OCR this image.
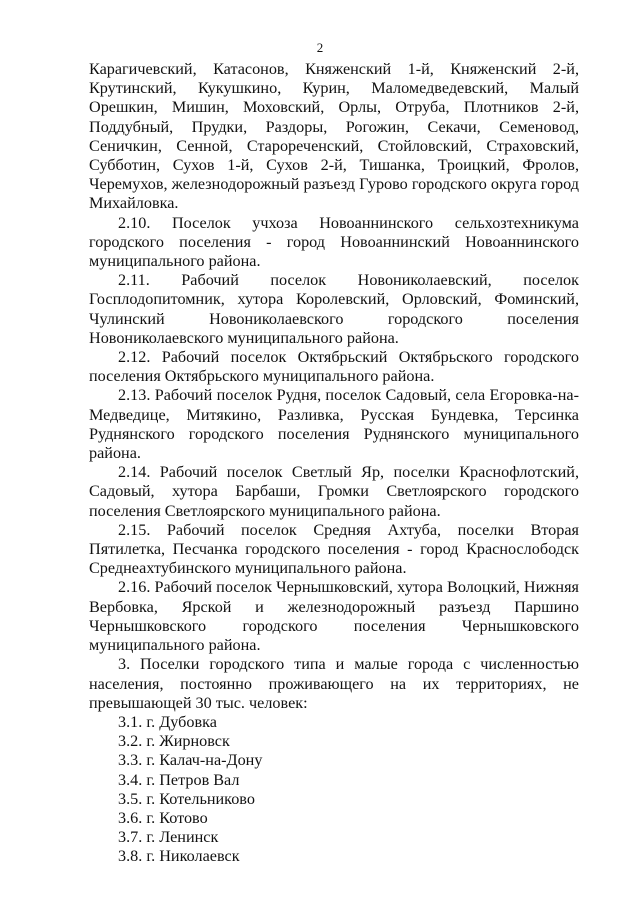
2

Карагичевский, Катасонов, Княженский 1-й, Княженский 2-й, Крутинский, Кукушкино, Курин, Маломедведевский, Малый Орешкин, Мишин, Моховский, Орлы, Отруба, Плотников 2-й, Поддубный, Прудки, Раздоры, Рогожин, Секачи, Семеновод, Сеничкин, Сенной, Старореченский, Стойловский, Страховский, Субботин, Сухов 1-й, Сухов 2-й, Тишанка, Троицкий, Фролов, Черемухов, железнодорожный разъезд Гурово городского округа город Михайловка.

2.10. Поселок учхоза Новоаннинского сельхозтехникума городского поселения - город Новоаннинский Новоаннинского муниципального района.

2.11. Рабочий поселок Новониколаевский, поселок Госплодопитомник, хутора Королевский, Орловский, Фоминский, Чулинский Новониколаевского городского поселения Новониколаевского муниципального района.

2.12. Рабочий поселок Октябрьский Октябрьского городского поселения Октябрьского муниципального района.

2.13. Рабочий поселок Рудня, поселок Садовый, села Егоровка-на-Медведице, Митякино, Разливка, Русская Бундевка, Терсинка Руднянского городского поселения Руднянского муниципального района.

2.14. Рабочий поселок Светлый Яр, поселки Краснофлотский, Садовый, хутора Барбаши, Громки Светлоярского городского поселения Светлоярского муниципального района.

2.15. Рабочий поселок Средняя Ахтуба, поселки Вторая Пятилетка, Песчанка городского поселения - город Краснослободск Среднеахтубинского муниципального района.

2.16. Рабочий поселок Чернышковский, хутора Волоцкий, Нижняя Вербовка, Ярской и железнодорожный разъезд Паршино Чернышковского городского поселения Чернышковского муниципального района.

3. Поселки городского типа и малые города с численностью населения, постоянно проживающего на их территориях, не превышающей 30 тыс. человек:

3.1. г. Дубовка

3.2. г. Жирновск

3.3. г. Калач-на-Дону

3.4. г. Петров Вал

3.5. г. Котельниково

3.6. г. Котово

3.7. г. Ленинск

3.8. г. Николаевск
